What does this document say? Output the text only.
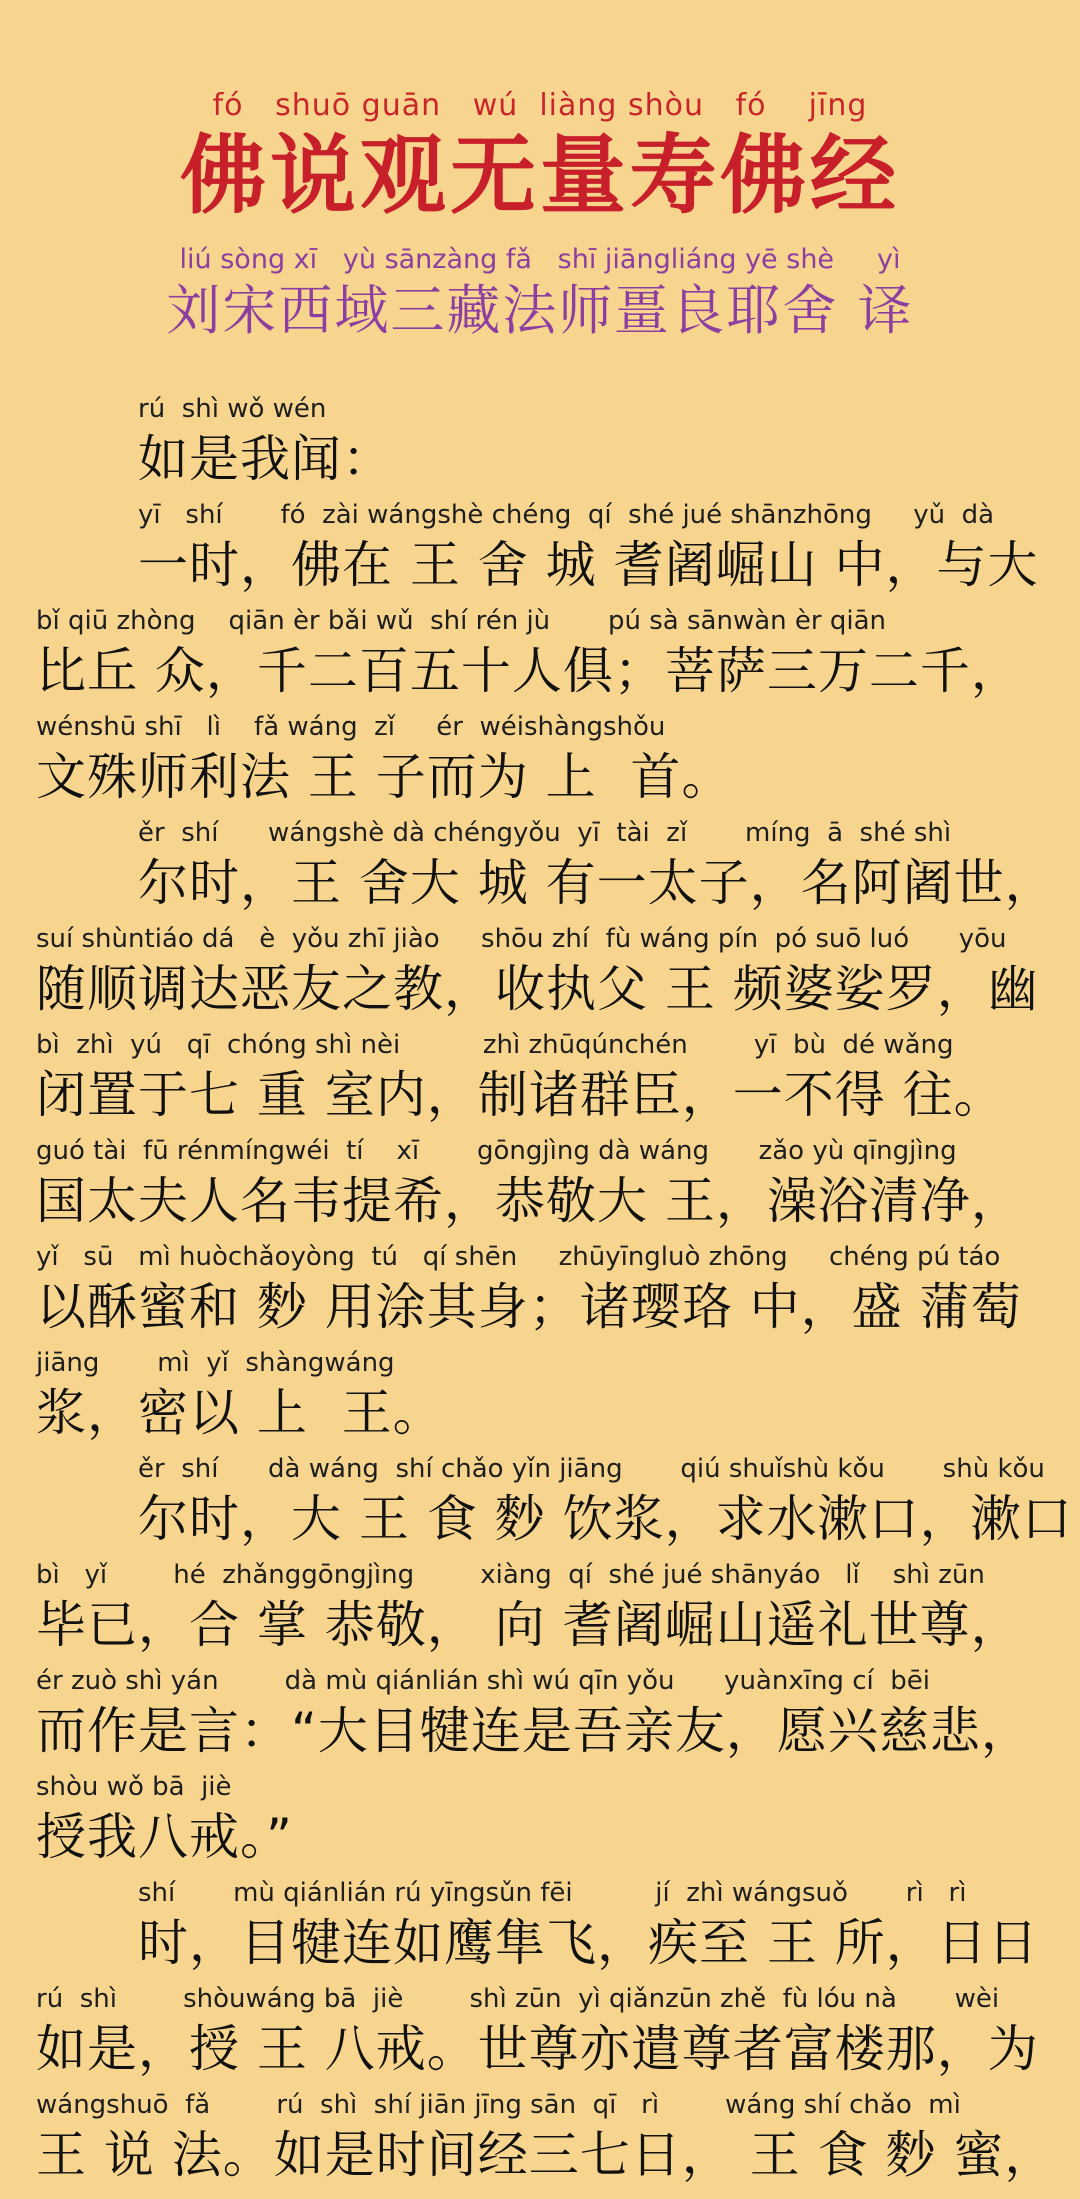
fó   shuō guān   wú  liàng shòu   fó    jīng
佛说观无量寿佛经
liú sòng xī   yù sānzàng fǎ   shī jiāngliáng yē shè     yì
刘宋西域三藏法师畺良耶舍 译
rú  shì wǒ wén
如是我闻：
yī   shí       fó  zài wángshè chéng  qí  shé jué shānzhōng     yǔ  dà
一时，佛在 王 舍 城 耆阇崛山 中，与大
bǐ qiū zhòng    qiān èr bǎi wǔ  shí rén jù       pú sà sānwàn èr qiān
比丘 众，千二百五十人俱；菩萨三万二千，
wénshū shī   lì    fǎ wáng  zǐ     ér  wéishàngshǒu
文殊师利法 王 子而为 上  首。
ěr  shí      wángshè dà chéngyǒu  yī  tài  zǐ       míng  ā  shé shì
尔时，王 舍大 城 有一太子，名阿阇世，
suí shùntiáo dá   è  yǒu zhī jiào     shōu zhí  fù wáng pín  pó suō luó      yōu
随顺调达恶友之教，收执父 王 频婆娑罗，幽
bì  zhì  yú   qī  chóng shì nèi          zhì zhūqúnchén        yī  bù  dé wǎng
闭置于七 重 室内，制诸群臣，一不得 往。
guó tài  fū rénmíngwéi  tí    xī       gōngjìng dà wáng      zǎo yù qīngjìng
国太夫人名韦提希，恭敬大 王，澡浴清净，
yǐ   sū   mì huòchǎoyòng  tú   qí shēn     zhūyīngluò zhōng     chéng pú táo
以酥蜜和 麨 用涂其身；诸璎珞 中，盛 蒲萄
jiāng       mì  yǐ  shàngwáng
浆，密以 上  王。
ěr  shí      dà wáng  shí chǎo yǐn jiāng       qiú shuǐshù kǒu       shù kǒu
尔时，大 王 食 麨 饮浆，求水漱口，漱口
bì   yǐ        hé  zhǎnggōngjìng        xiàng  qí  shé jué shānyáo   lǐ    shì zūn
毕已，合 掌 恭敬， 向 耆阇崛山遥礼世尊，
ér zuò shì yán        dà mù qiánlián shì wú qīn yǒu      yuànxīng cí  bēi
而作是言：“大目犍连是吾亲友，愿兴慈悲，
shòu wǒ bā  jiè
授我八戒。”
shí       mù qiánlián rú yīngsǔn fēi          jí  zhì wángsuǒ       rì   rì
时，目犍连如鹰隼飞，疾至 王 所，日日
rú  shì        shòuwáng bā  jiè        shì zūn  yì qiǎnzūn zhě  fù lóu nà       wèi
如是，授 王 八戒。世尊亦遣尊者富楼那，为
wángshuō  fǎ        rú  shì  shí jiān jīng sān  qī   rì        wáng shí chǎo  mì
王 说 法。如是时间经三七日， 王 食 麨 蜜，
